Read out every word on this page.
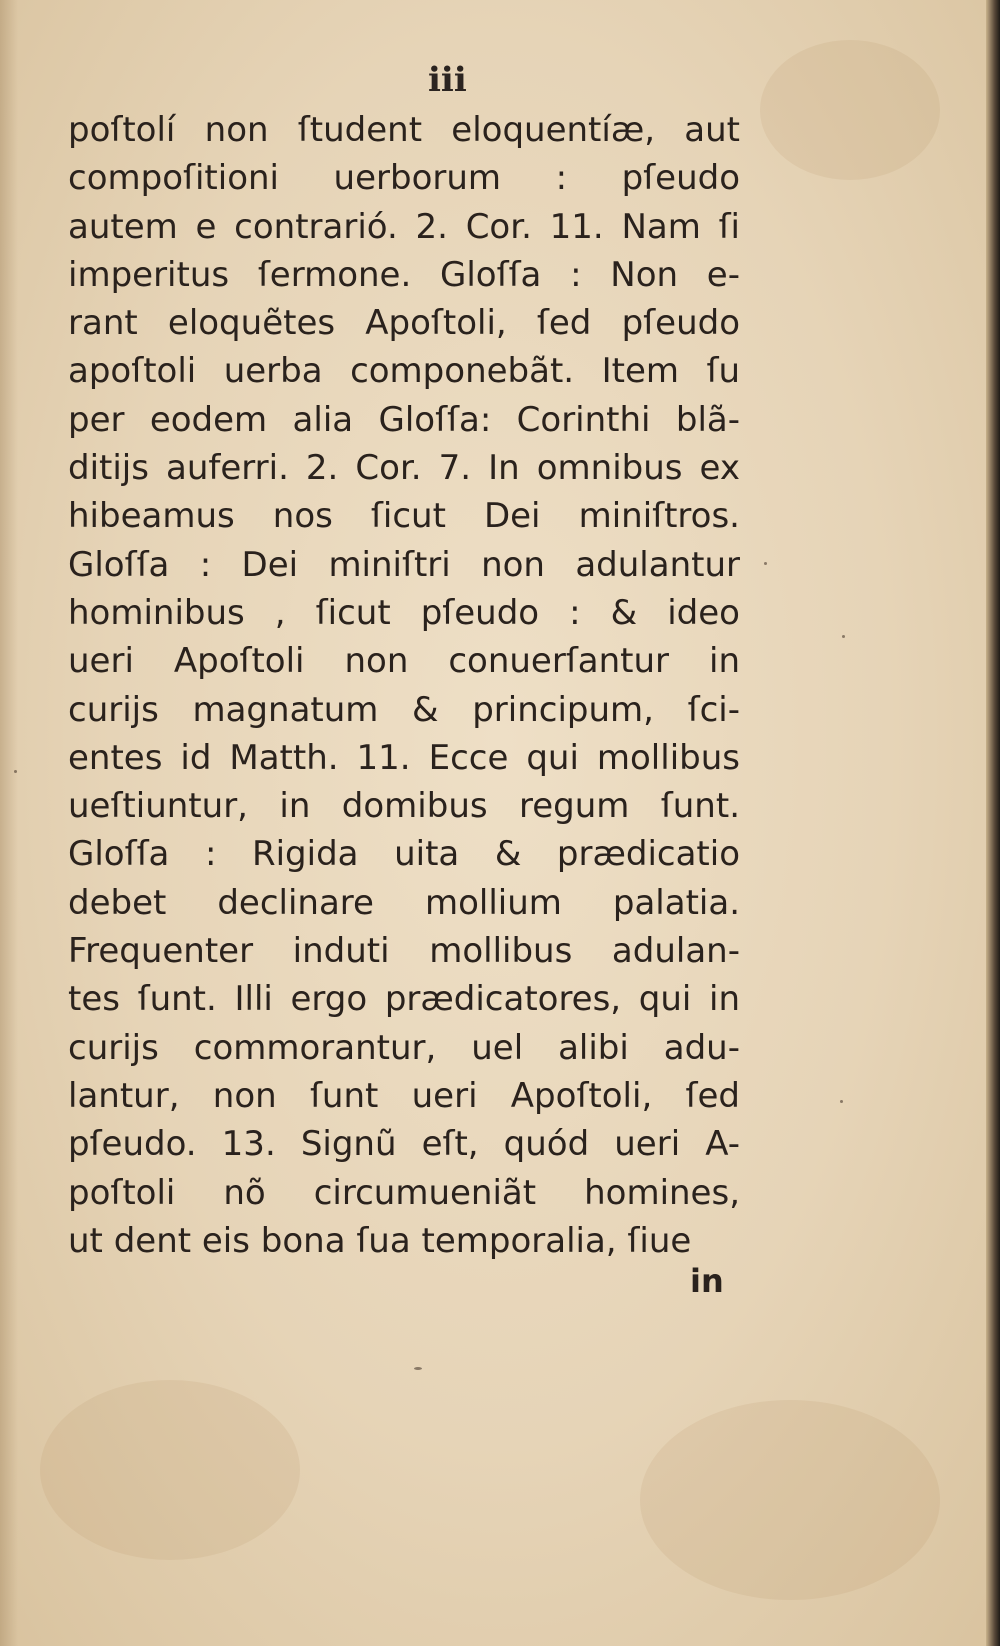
iii
poſtolí non ſtudent eloquentíæ, aut
compoſitioni uerborum : pſeudo
autem e contrarió. 2. Cor. 11. Nam ſi
imperitus ſermone. Gloſſa : Non e-
rant eloquẽtes Apoſtoli, ſed pſeudo
apoſtoli uerba componebãt. Item ſu
per eodem alia Gloſſa: Corinthi blã-
ditijs auferri. 2. Cor. 7. In omnibus ex
hibeamus nos ſicut Dei miniſtros.
Gloſſa : Dei miniſtri non adulantur
hominibus , ſicut pſeudo : & ideo
ueri Apoſtoli non conuerſantur in
curijs magnatum & principum, ſci-
entes id Matth. 11. Ecce qui mollibus
ueſtiuntur, in domibus regum ſunt.
Gloſſa : Rigida uita & prædicatio
debet declinare mollium palatia.
Frequenter induti mollibus adulan-
tes ſunt. Illi ergo prædicatores, qui in
curijs commorantur, uel alibi adu-
lantur, non ſunt ueri Apoſtoli, ſed
pſeudo. 13. Signũ eſt, quód ueri A-
poſtoli nõ circumueniãt homines,
ut dent eis bona ſua temporalia, ſiue
in
